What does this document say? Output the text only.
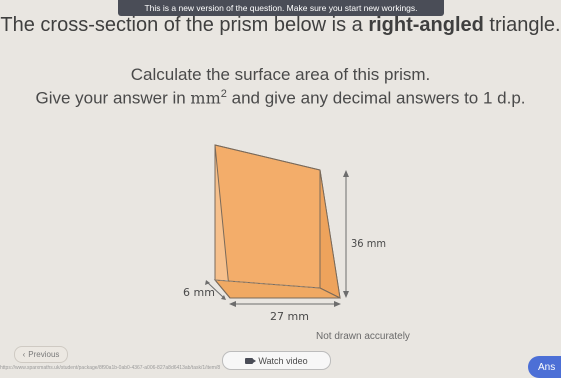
This is a new version of the question. Make sure you start new workings.
The cross-section of the prism below is a right-angled triangle.
Calculate the surface area of this prism.
Give your answer in $mm^2$ and give any decimal answers to 1 d.p.
36 mm
6 mm
27 mm
Not drawn accurately
‹ Previous
Watch video
Ans
https://www.sparxmaths.uk/student/package/8f90a1b-0ab0-4367-a006-827a8d6413ab/task/1/item/8
